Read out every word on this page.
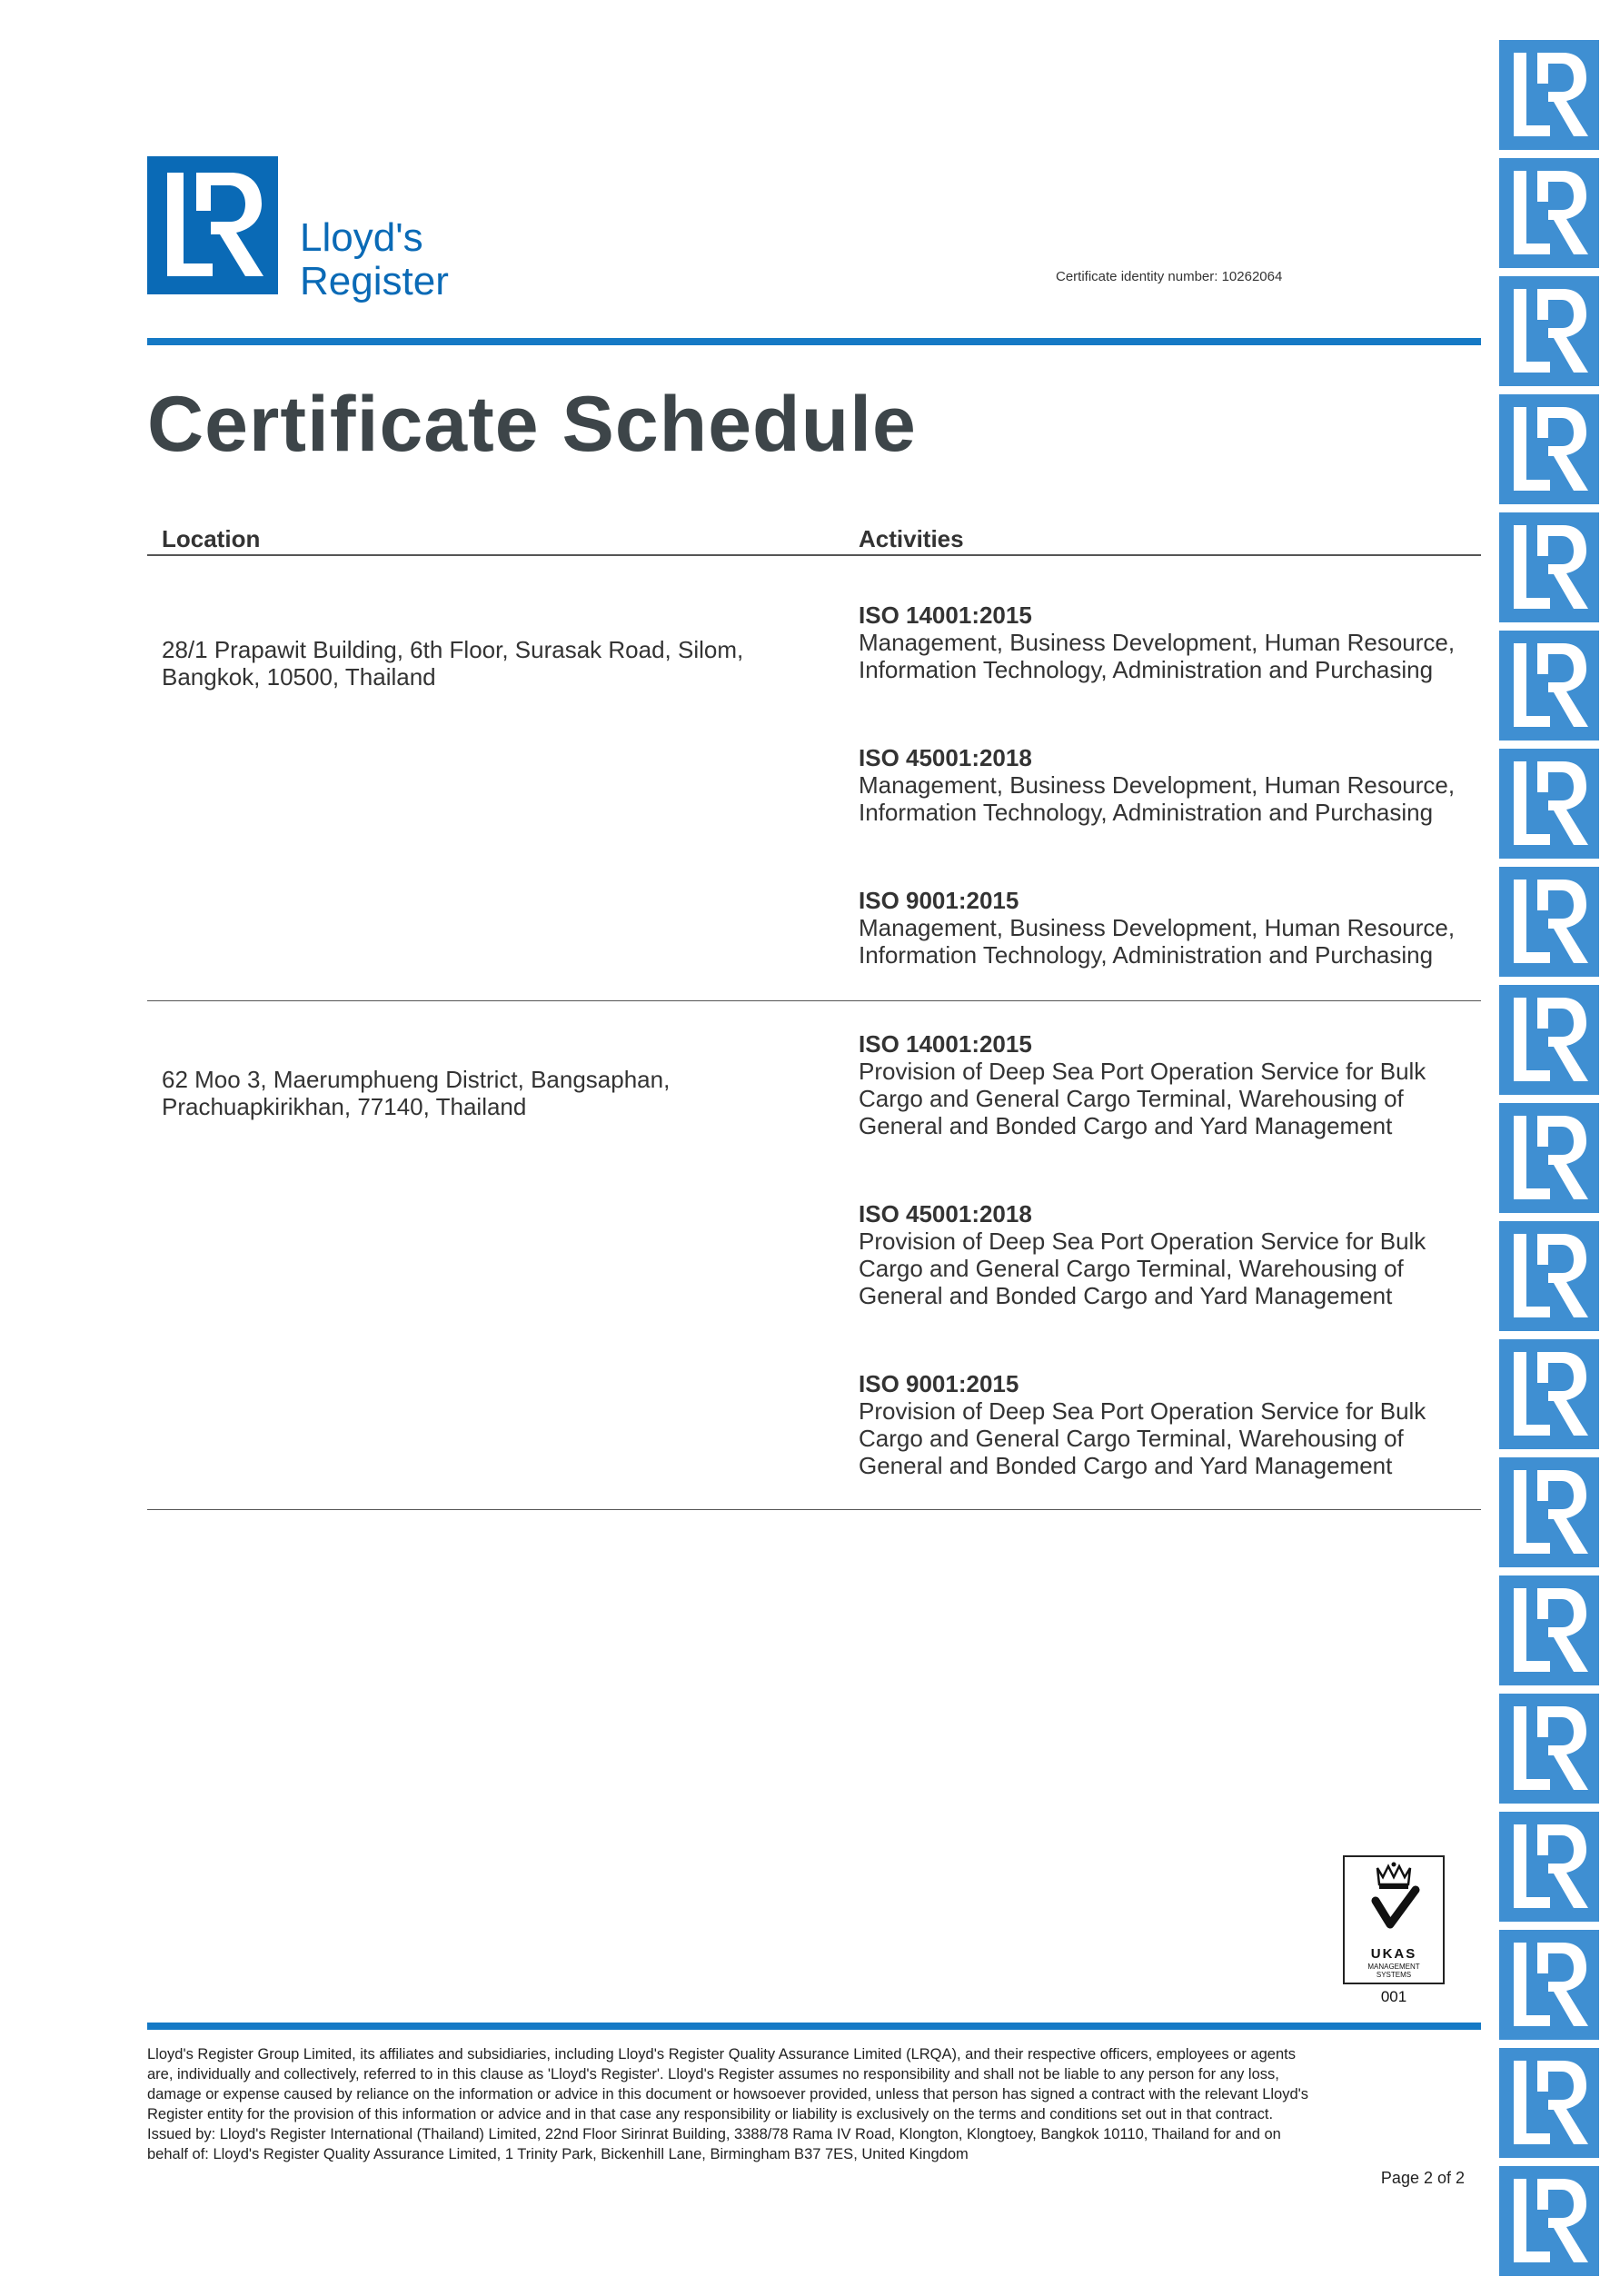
Lloyd's
Register	Certificate identity number: 10262064
Certificate Schedule
Location	Activities
28/1 Prapawit Building, 6th Floor, Surasak Road, Silom,
Bangkok, 10500, Thailand
ISO 14001:2015
Management, Business Development, Human Resource,
Information Technology, Administration and Purchasing
ISO 45001:2018
Management, Business Development, Human Resource,
Information Technology, Administration and Purchasing
ISO 9001:2015
Management, Business Development, Human Resource,
Information Technology, Administration and Purchasing
62 Moo 3, Maerumphueng District, Bangsaphan,
Prachuapkirikhan, 77140, Thailand
ISO 14001:2015
Provision of Deep Sea Port Operation Service for Bulk
Cargo and General Cargo Terminal, Warehousing of
General and Bonded Cargo and Yard Management
ISO 45001:2018
Provision of Deep Sea Port Operation Service for Bulk
Cargo and General Cargo Terminal, Warehousing of
General and Bonded Cargo and Yard Management
ISO 9001:2015
Provision of Deep Sea Port Operation Service for Bulk
Cargo and General Cargo Terminal, Warehousing of
General and Bonded Cargo and Yard Management
UKAS
MANAGEMENT
SYSTEMS
001
Lloyd's Register Group Limited, its affiliates and subsidiaries, including Lloyd's Register Quality Assurance Limited (LRQA), and their respective officers, employees or agents
are, individually and collectively, referred to in this clause as 'Lloyd's Register'. Lloyd's Register assumes no responsibility and shall not be liable to any person for any loss,
damage or expense caused by reliance on the information or advice in this document or howsoever provided, unless that person has signed a contract with the relevant Lloyd's
Register entity for the provision of this information or advice and in that case any responsibility or liability is exclusively on the terms and conditions set out in that contract.
Issued by: Lloyd's Register International (Thailand) Limited, 22nd Floor Sirinrat Building, 3388/78 Rama IV Road, Klongton, Klongtoey, Bangkok 10110, Thailand for and on
behalf of: Lloyd's Register Quality Assurance Limited, 1 Trinity Park, Bickenhill Lane, Birmingham B37 7ES, United Kingdom
Page 2 of 2
